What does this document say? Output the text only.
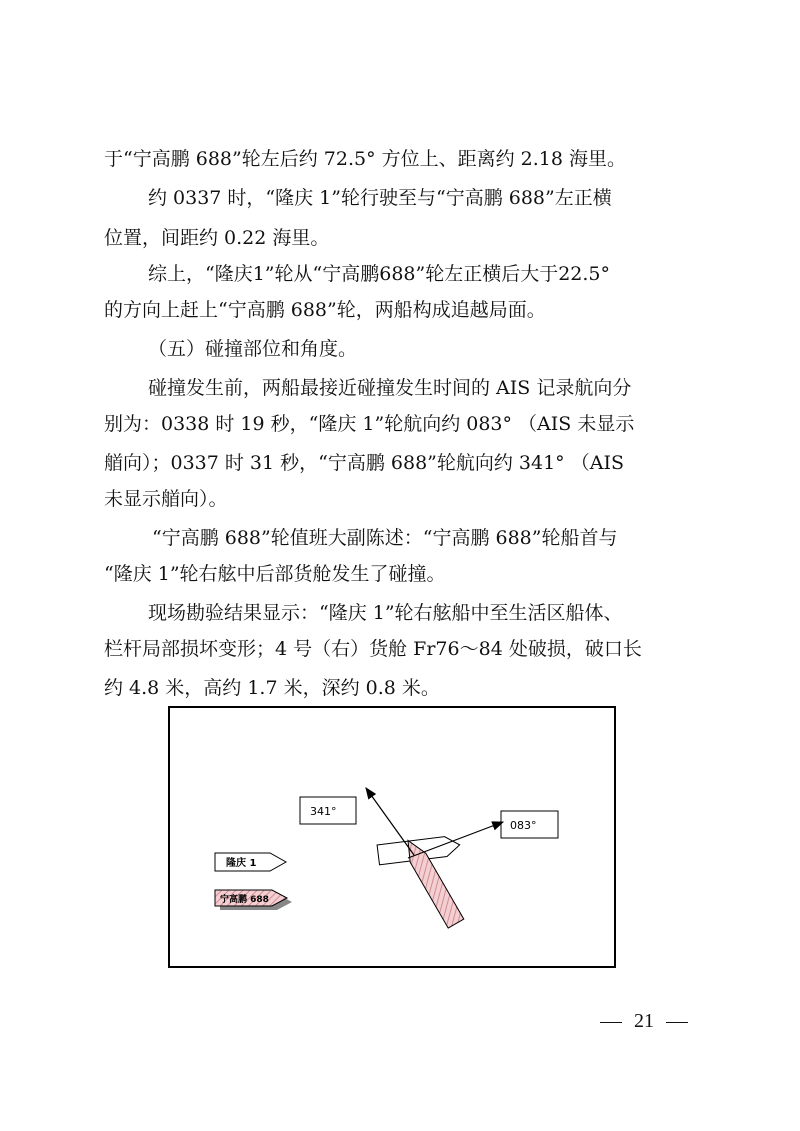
于“宁高鹏 688”轮左后约 72.5° 方位上、距离约 2.18 海里。
约 0337 时，“隆庆 1”轮行驶至与“宁高鹏 688”左正横
位置，间距约 0.22 海里。
综上，“隆庆1”轮从“宁高鹏688”轮左正横后大于22.5°
的方向上赶上“宁高鹏 688”轮，两船构成追越局面。
（五）碰撞部位和角度。
碰撞发生前，两船最接近碰撞发生时间的 AIS 记录航向分
别为：0338 时 19 秒，“隆庆 1”轮航向约 083° （AIS 未显示
艏向）；0337 时 31 秒，“宁高鹏 688”轮航向约 341° （AIS
未显示艏向）。
“宁高鹏 688”轮值班大副陈述：“宁高鹏 688”轮船首与
“隆庆 1”轮右舷中后部货舱发生了碰撞。
现场勘验结果显示：“隆庆 1”轮右舷船中至生活区船体、
栏杆局部损坏变形；4 号（右）货舱 Fr76～84 处破损，破口长
约 4.8 米，高约 1.7 米，深约 0.8 米。
341°
083°
隆庆 1
宁高鹏 688
21
